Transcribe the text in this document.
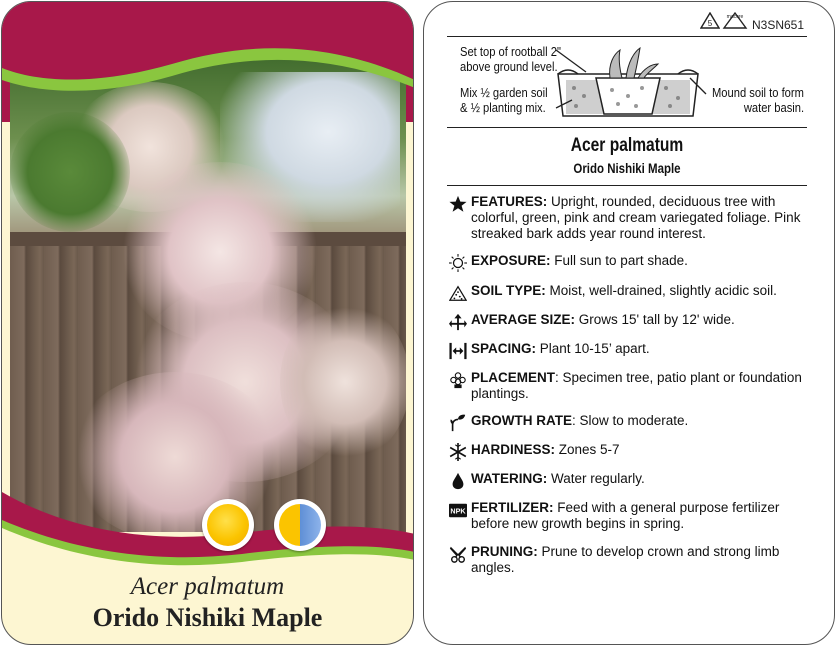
Acer palmatum
Orido Nishiki Maple
5
macore
N3SN651
Set top of rootball 2"
above ground level.
Mix ½ garden soil
& ½ planting mix.
Mound soil to form
water basin.
Acer palmatum
Orido Nishiki Maple
FEATURES: Upright, rounded, deciduous tree with colorful, green, pink and cream variegated foliage. Pink streaked bark adds year round interest.
EXPOSURE: Full sun to part shade.
SOIL TYPE: Moist, well-drained, slightly acidic soil.
AVERAGE SIZE: Grows 15' tall by 12' wide.
SPACING: Plant 10-15’ apart.
PLACEMENT: Specimen tree, patio plant or foundation plantings.
GROWTH RATE: Slow to moderate.
HARDINESS: Zones 5-7
WATERING: Water regularly.
NPK FERTILIZER: Feed with a general purpose fertilizer before new growth begins in spring.
PRUNING: Prune to develop crown and strong limb angles.
